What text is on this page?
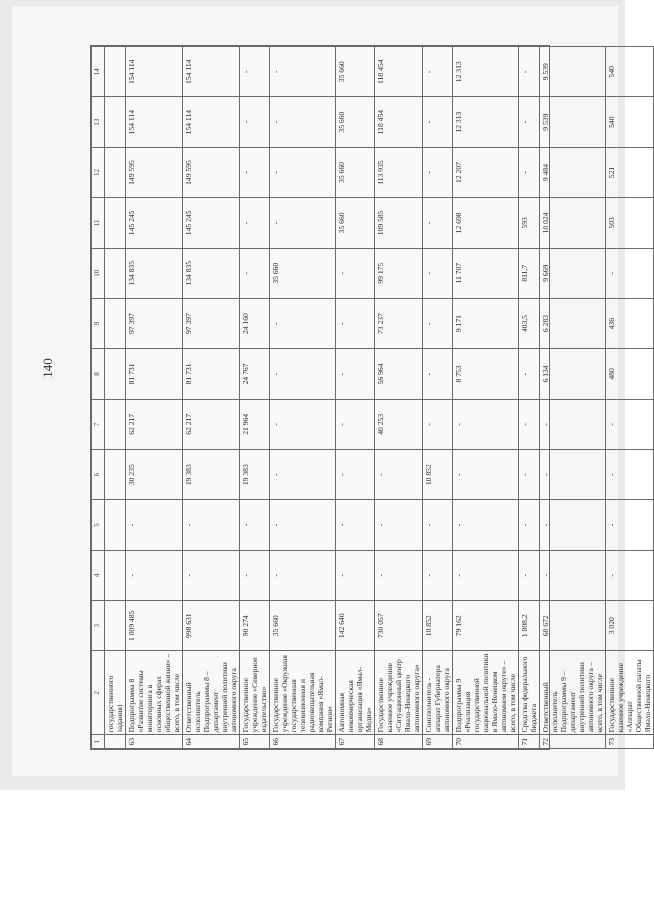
140
1	2	3	4	5	6	7	8	9	10	11	12	13	14
	государственного задания)												
63	Подпрограмма 8 «Развитие системы мониторинга в основных сферах общественной жизни» – всего, в том числе	1 009 485	-	-	30 235	62 217	81 731	97 397	134 835	145 245	149 595	154 114	154 114
64	Ответственный исполнитель Подпрограммы 8 – департамент внутренней политики автономного округа	998 631	-	-	19 383	62 217	81 731	97 397	134 835	145 245	149 595	154 114	154 114
65	Государственное учреждение «Северное издательство»	90 274	-	-	19 383	21 964	24 767	24 160	-	-	-	-	-
66	Государственное учреждение «Окружная государственная телевизионная и радиовещательная компания «Ямал-Регион»	35 660	-	-	-	-	-	-	35 660	-	-	-	-
67	Автономная некоммерческая организация «Ямал-Медиа»	142 640	-	-	-	-	-	-	-	35 660	35 660	35 660	35 660
68	Государственное казенное учреждение «Ситуационный центр Ямало-Ненецкого автономного округа»	730 057	-	-	-	40 253	56 964	73 237	99 175	109 585	113 935	118 454	118 454
69	Соисполнитель - аппарат Губернатора автономного округа	10 852	-	-	10 852	-	-	-	-	-	-	-	-
70	Подпрограмма 9 «Реализация государственной национальной политики в Ямало-Ненецком автономном округе» – всего, в том числе	79 162	-	-	-	-	8 753	9 171	11 707	12 698	12 207	12 313	12 313
71	Средства федерального бюджета	1 808,2	-	-	-	-	-	403,5	811,7	593	-	-	-
72	Ответственный исполнитель Подпрограммы 9 – департамент внутренней политики автономного округа – всего, в том числе	60 672	-	-	-	-	6 134	6 283	9 669	10 024	9 484	9 539	9 539
73	Государственное казенное учреждение «Аппарат Общественной палаты Ямало-Ненецкого	3 020	-	-	-	-	480	436	-	503	521	540	540
